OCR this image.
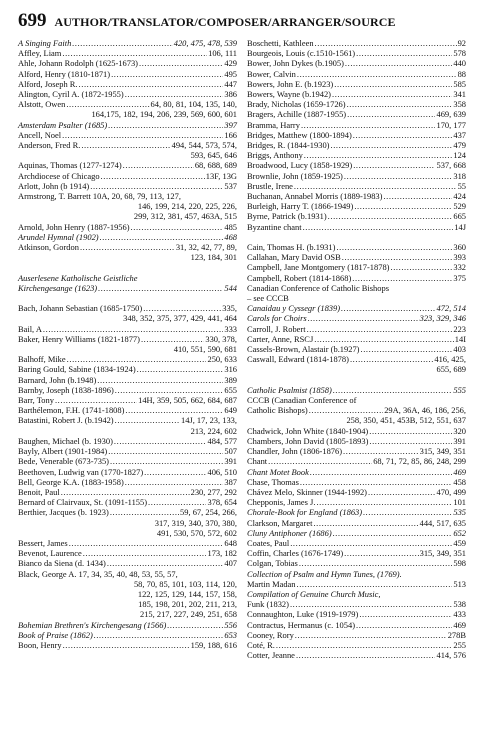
699 AUTHOR/TRANSLATOR/COMPOSER/ARRANGER/SOURCE
A Singing Faith .....	420, 475, 478, 539
Affley, Liam .....	106, 111
Ahle, Johann Rodolph (1625-1673) .....	429
Alford, Henry (1810-1871) .....	495
Alford, Joseph R. .....	447
Alington, Cyril A. (1872-1955) .....	386
Alstott, Owen .....	64, 80, 81, 104, 135, 140,
164,175, 182, 194, 206, 239, 569, 600, 601
Amsterdam Psalter (1685) .....	397
Ancell, Noel .....	166
Anderson, Fred R. .....	494, 544, 573, 574,
593, 645, 646
Aquinas, Thomas (1277-1274) .....	68, 688, 689
Archdiocese of Chicago .....	13F, 13G
Arlott, John (b 1914) .....	537
Armstrong, T. Barrett 10A, 20, 68, 79, 113, 127,
146, 199, 214, 220, 225, 226,
299, 312, 381, 457, 463A, 515
Arnold, John Henry (1887-1956) .....	485
Arundel Hymnal (1902) .....	468
Atkinson, Gordon .....	31, 32, 42, 77, 89,
123, 184, 301
Auserlesene Katholische Geistliche
Kirchengesange (1623) .....	544
Bach, Johann Sebastian (1685-1750) .....	335,
348, 352, 375, 377, 429, 441, 464
Bail, A .....	333
Baker, Henry Williams (1821-1877) .....	330, 378,
410, 551, 590, 681
Balhoff, Mike .....	250, 633
Baring Gould, Sabine (1834-1924) .....	316
Barnard, John (b.1948) .....	389
Barnby, Joseph (1838-1896) .....	655
Barr, Tony .....	14H, 359, 505, 662, 684, 687
Barthélemon, F.H. (1741-1808) .....	649
Batastini, Robert J. (b.1942) .....	14J, 17, 23, 133,
213, 224, 602
Baughen, Michael (b. 1930) .....	484, 577
Bayly, Albert (1901-1984) .....	507
Bede, Venerable (673-735) .....	391
Beethoven, Ludwig van (1770-1827) .....	406, 510
Bell, George K.A. (1883-1958) .....	387
Benoit, Paul .....	230, 277, 292
Bernard of Clairvaux, St. (1091-1155) .....	378, 654
Berthier, Jacques (b. 1923) .....	59, 67, 254, 266,
317, 319, 340, 370, 380,
491, 530, 570, 572, 602
Bessert, James .....	648
Bevenot, Laurence .....	173, 182
Bianco da Siena (d. 1434) .....	407
Black, George A. 17, 34, 35, 40, 48, 53, 55, 57,
58, 70, 85, 101, 103, 114, 120,
122, 125, 129, 144, 157, 158,
185, 198, 201, 202, 211, 213,
215, 217, 227, 249, 251, 658
Bohemian Brethren's Kirchengesang (1566) .....	556
Book of Praise (1862) .....	653
Boon, Henry .....	159, 188, 616
Boschetti, Kathleen .....	92
Bourgeois, Louis (c.1510-1561) .....	578
Bower, John Dykes (b.1905) .....	440
Bower, Calvin .....	88
Bowers, John E. (b.1923) .....	585
Bowers, Wayne (b.1942) .....	341
Brady, Nicholas (1659-1726) .....	358
Bragers, Achille (1887-1955) .....	469, 639
Bramma, Harry .....	170, 177
Bridges, Matthew (1800-1894) .....	437
Bridges, R. (1844-1930) .....	479
Briggs, Anthony .....	124
Broadwood, Lucy (1858-1929) .....	537, 668
Brownlie, John (1859-1925) .....	318
Brustle, Irene .....	55
Buchanan, Annabel Morris (1889-1983) .....	424
Burleigh, Harry T. (1866-1949) .....	529
Byrne, Patrick (b.1931) .....	665
Byzantine chant .....	14J
Cain, Thomas H. (b.1931) .....	360
Callahan, Mary David OSB .....	393
Campbell, Jane Montgomery (1817-1878) .....	332
Campbell, Robert (1814-1868) .....	375
Canadian Conference of Catholic Bishops
– see CCCB
Canaidau y Cyssegr (1839) .....	472, 514
Carols for Choirs .....	323, 329, 346
Carroll, J. Robert .....	223
Carter, Anne, RSCJ .....	14I
Cassels-Brown, Alastair (b.1927) .....	403
Caswall, Edward (1814-1878) .....	416, 425,
655, 689
Catholic Psalmist (1858) .....	555
CCCB (Canadian Conference of
Catholic Bishops) .....	29A, 36A, 46, 186, 256,
258, 350, 451, 453B, 512, 551, 637
Chadwick, John White (1840-1904) .....	320
Chambers, John David (1805-1893) .....	391
Chandler, John (1806-1876) .....	315, 349, 351
Chant .....	68, 71, 72, 85, 86, 248, 299
Chant Motet Book .....	469
Chase, Thomas .....	458
Chávez Melo, Skinner (1944-1992) .....	470, 499
Chepponis, James J. .....	101
Chorale-Book for England (1863) .....	535
Clarkson, Margaret .....	444, 517, 635
Cluny Antiphoner (1686) .....	652
Coates, Paul .....	459
Coffin, Charles (1676-1749) .....	315, 349, 351
Colgan, Tobias .....	598
Collection of Psalm and Hymn Tunes, (1769).
Martin Madan .....	513
Compilation of Genuine Church Music,
Funk (1832) .....	538
Connaughton, Luke (1919-1979) .....	433
Contractus, Hermanus (c. 1054) .....	469
Cooney, Rory .....	278B
Coté, R. .....	255
Cotter, Jeanne .....	414, 576
